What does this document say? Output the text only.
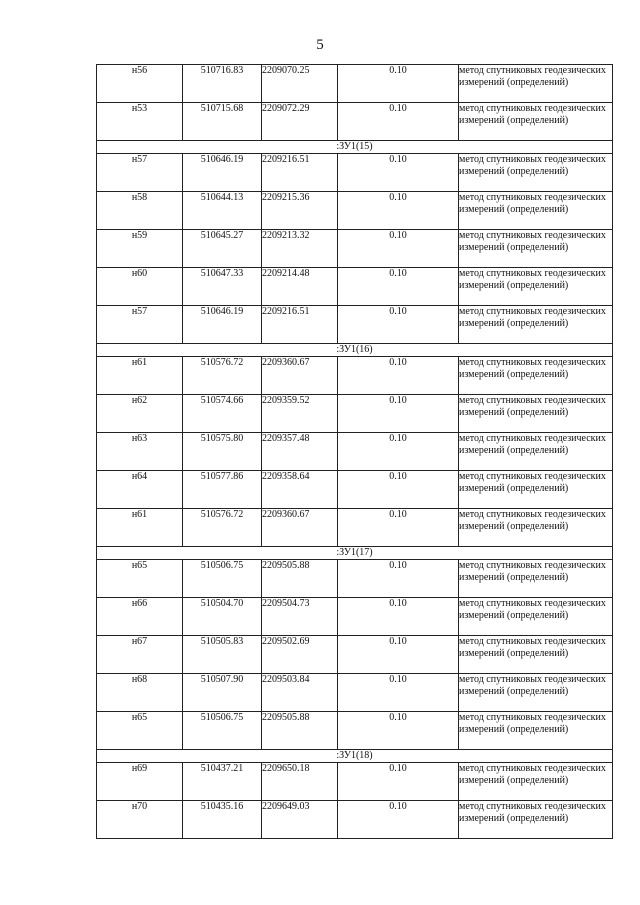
5
н56	510716.83	2209070.25	0.10	метод спутниковых геодезических измерений (определений)
н53	510715.68	2209072.29	0.10	метод спутниковых геодезических измерений (определений)
:ЗУ1(15)				
н57	510646.19	2209216.51	0.10	метод спутниковых геодезических измерений (определений)
н58	510644.13	2209215.36	0.10	метод спутниковых геодезических измерений (определений)
н59	510645.27	2209213.32	0.10	метод спутниковых геодезических измерений (определений)
н60	510647.33	2209214.48	0.10	метод спутниковых геодезических измерений (определений)
н57	510646.19	2209216.51	0.10	метод спутниковых геодезических измерений (определений)
:ЗУ1(16)				
н61	510576.72	2209360.67	0.10	метод спутниковых геодезических измерений (определений)
н62	510574.66	2209359.52	0.10	метод спутниковых геодезических измерений (определений)
н63	510575.80	2209357.48	0.10	метод спутниковых геодезических измерений (определений)
н64	510577.86	2209358.64	0.10	метод спутниковых геодезических измерений (определений)
н61	510576.72	2209360.67	0.10	метод спутниковых геодезических измерений (определений)
:ЗУ1(17)				
н65	510506.75	2209505.88	0.10	метод спутниковых геодезических измерений (определений)
н66	510504.70	2209504.73	0.10	метод спутниковых геодезических измерений (определений)
н67	510505.83	2209502.69	0.10	метод спутниковых геодезических измерений (определений)
н68	510507.90	2209503.84	0.10	метод спутниковых геодезических измерений (определений)
н65	510506.75	2209505.88	0.10	метод спутниковых геодезических измерений (определений)
:ЗУ1(18)				
н69	510437.21	2209650.18	0.10	метод спутниковых геодезических измерений (определений)
н70	510435.16	2209649.03	0.10	метод спутниковых геодезических измерений (определений)
